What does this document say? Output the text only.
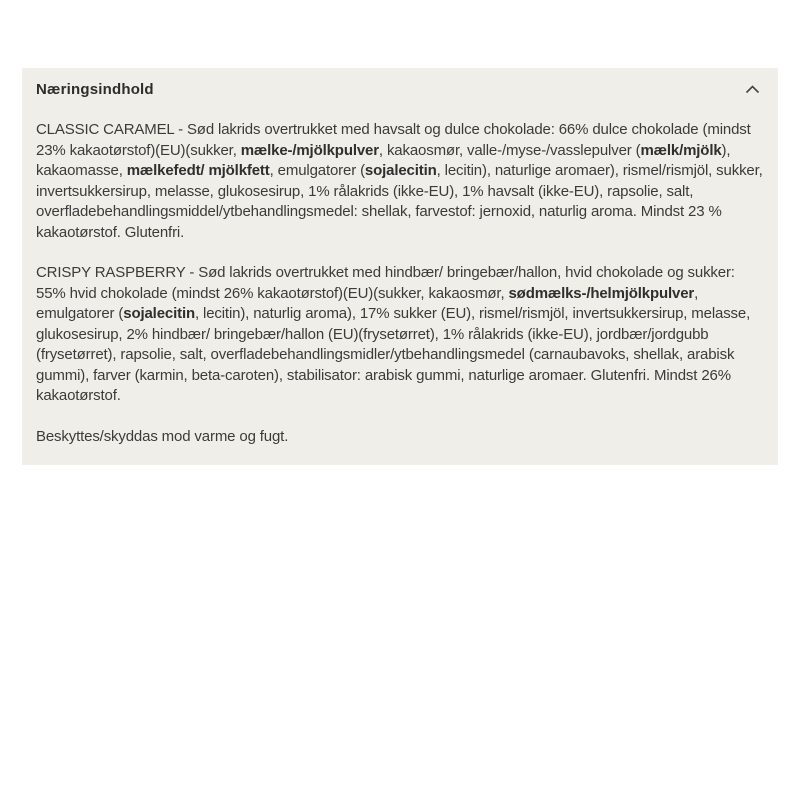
Næringsindhold

CLASSIC CARAMEL - Sød lakrids overtrukket med havsalt og dulce chokolade: 66% dulce chokolade (mindst 23% kakaotørstof)(EU)(sukker, mælke-/mjölkpulver, kakaosmør, valle-/myse-/vasslepulver (mælk/mjölk), kakaomasse, mælkefedt/ mjölkfett, emulgatorer (sojalecitin, lecitin), naturlige aromaer), rismel/rismjöl, sukker, invertsukkersirup, melasse, glukosesirup, 1% rålakrids (ikke-EU), 1% havsalt (ikke-EU), rapsolie, salt, overfladebehandlingsmiddel/ytbehandlingsmedel: shellak, farvestof: jernoxid, naturlig aroma. Mindst 23 % kakaotørstof. Glutenfri.

CRISPY RASPBERRY - Sød lakrids overtrukket med hindbær/ bringebær/hallon, hvid chokolade og sukker: 55% hvid chokolade (mindst 26% kakaotørstof)(EU)(sukker, kakaosmør, sødmælks-/helmjölkpulver, emulgatorer (sojalecitin, lecitin), naturlig aroma), 17% sukker (EU), rismel/rismjöl, invertsukkersirup, melasse, glukosesirup, 2% hindbær/ bringebær/hallon (EU)(frysetørret), 1% rålakrids (ikke-EU), jordbær/jordgubb (frysetørret), rapsolie, salt, overfladebehandlingsmidler/ytbehandlingsmedel (carnaubavoks, shellak, arabisk gummi), farver (karmin, beta-caroten), stabilisator: arabisk gummi, naturlige aromaer. Glutenfri. Mindst 26% kakaotørstof.

Beskyttes/skyddas mod varme og fugt.
